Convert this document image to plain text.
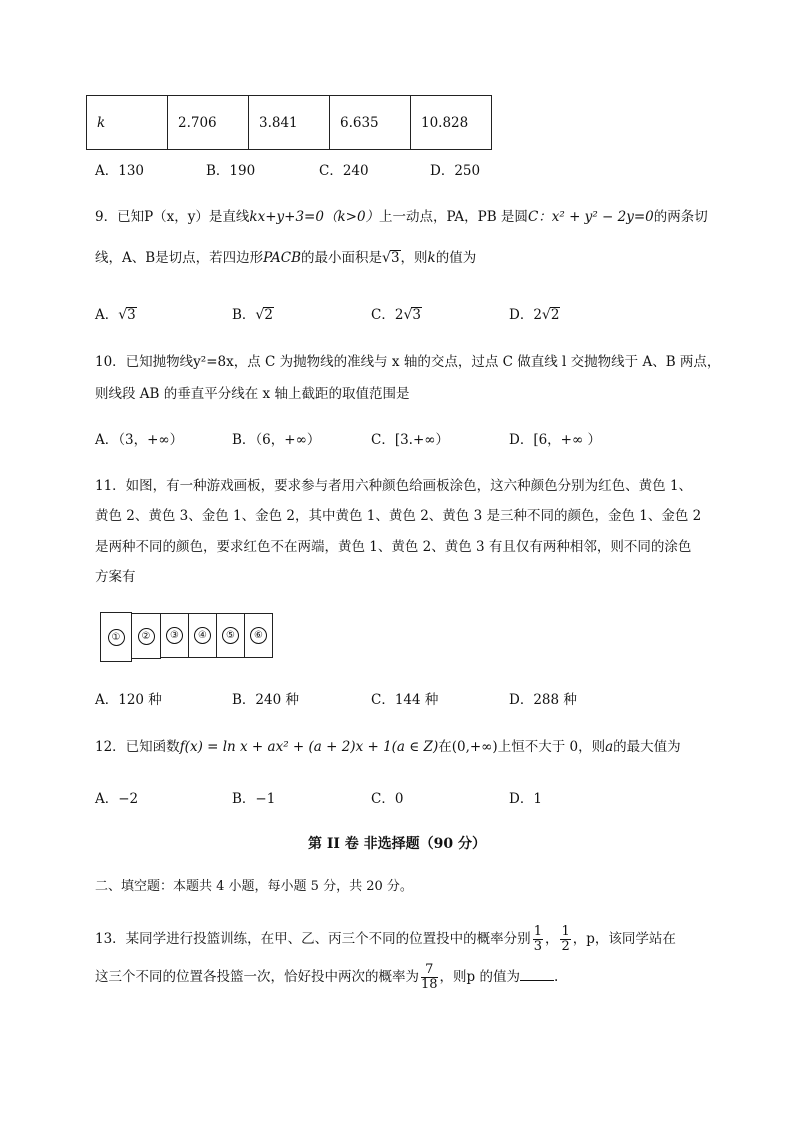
k	2.706	3.841	6.635	10.828
A．130	B．190	C．240	D．250
9．已知P（x，y）是直线kx+y+3=0（k>0）上一动点，PA，PB 是圆C：x² + y² − 2y=0的两条切
线，A、B是切点，若四边形PACB的最小面积是√3，则k的值为
A．√3	B．√2	C．2√3	D．2√2
10．已知抛物线y²=8x，点 C 为抛物线的准线与 x 轴的交点，过点 C 做直线 l 交抛物线于 A、B 两点，
则线段 AB 的垂直平分线在 x 轴上截距的取值范围是
A．（3，+∞）	B．（6，+∞）	C．[3.+∞）	D．[6，+∞ ）
11．如图，有一种游戏画板，要求参与者用六种颜色给画板涂色，这六种颜色分别为红色、黄色 1、
黄色 2、黄色 3、金色 1、金色 2，其中黄色 1、黄色 2、黄色 3 是三种不同的颜色，金色 1、金色 2
是两种不同的颜色，要求红色不在两端，黄色 1、黄色 2、黄色 3 有且仅有两种相邻，则不同的涂色
方案有
①	②	③	④	⑤	⑥
A．120 种	B．240 种	C．144 种	D．288 种
12．已知函数f(x) = ln x + ax² + (a + 2)x + 1(a ∈ Z)在(0,+∞)上恒不大于 0，则a的最大值为
A．−2	B．−1	C．0	D．1
第 II 卷 非选择题（90 分）
二、填空题：本题共 4 小题，每小题 5 分，共 20 分。
13．某同学进行投篮训练，在甲、乙、丙三个不同的位置投中的概率分别 $\frac{1}{3}$ ， $\frac{1}{2}$ ，p，该同学站在
这三个不同的位置各投篮一次，恰好投中两次的概率为 $\frac{7}{18}$ ，则p 的值为	.
